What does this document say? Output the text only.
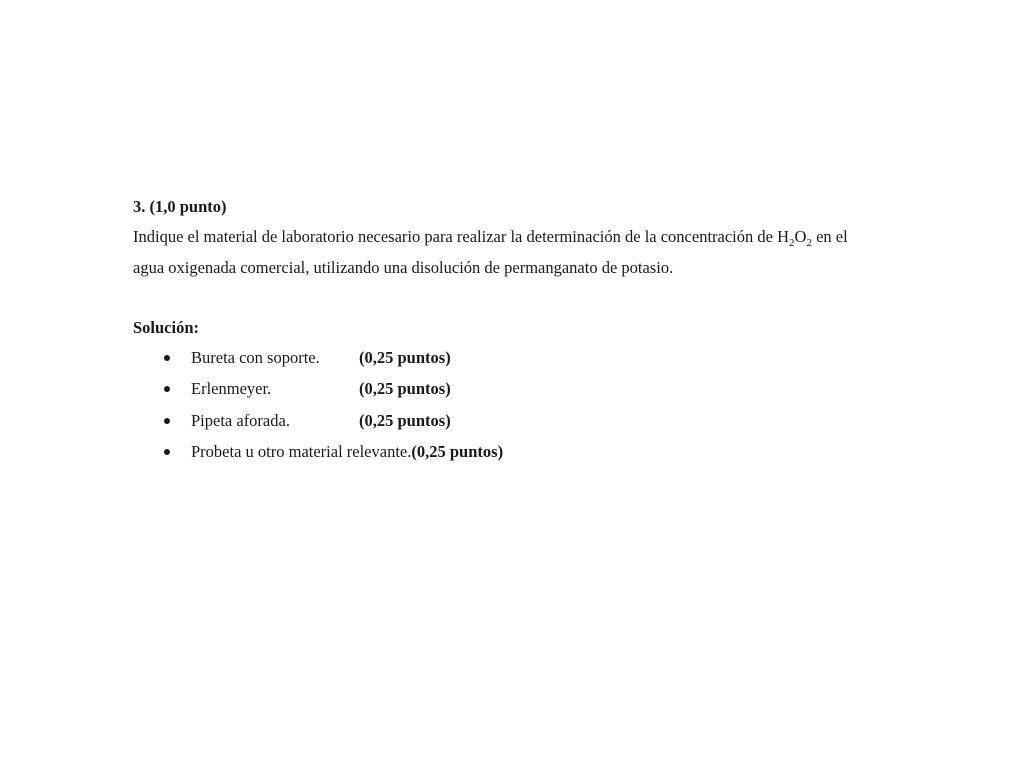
3. (1,0 punto)
Indique el material de laboratorio necesario para realizar la determinación de la concentración de $H_2O_2$ en el
agua oxigenada comercial, utilizando una disolución de permanganato de potasio.
Solución:

Bureta con soporte. (0,25 puntos)

Erlenmeyer.	(0,25 puntos)

Pipeta aforada.	(0,25 puntos)

Probeta u otro material relevante.(0,25 puntos)
